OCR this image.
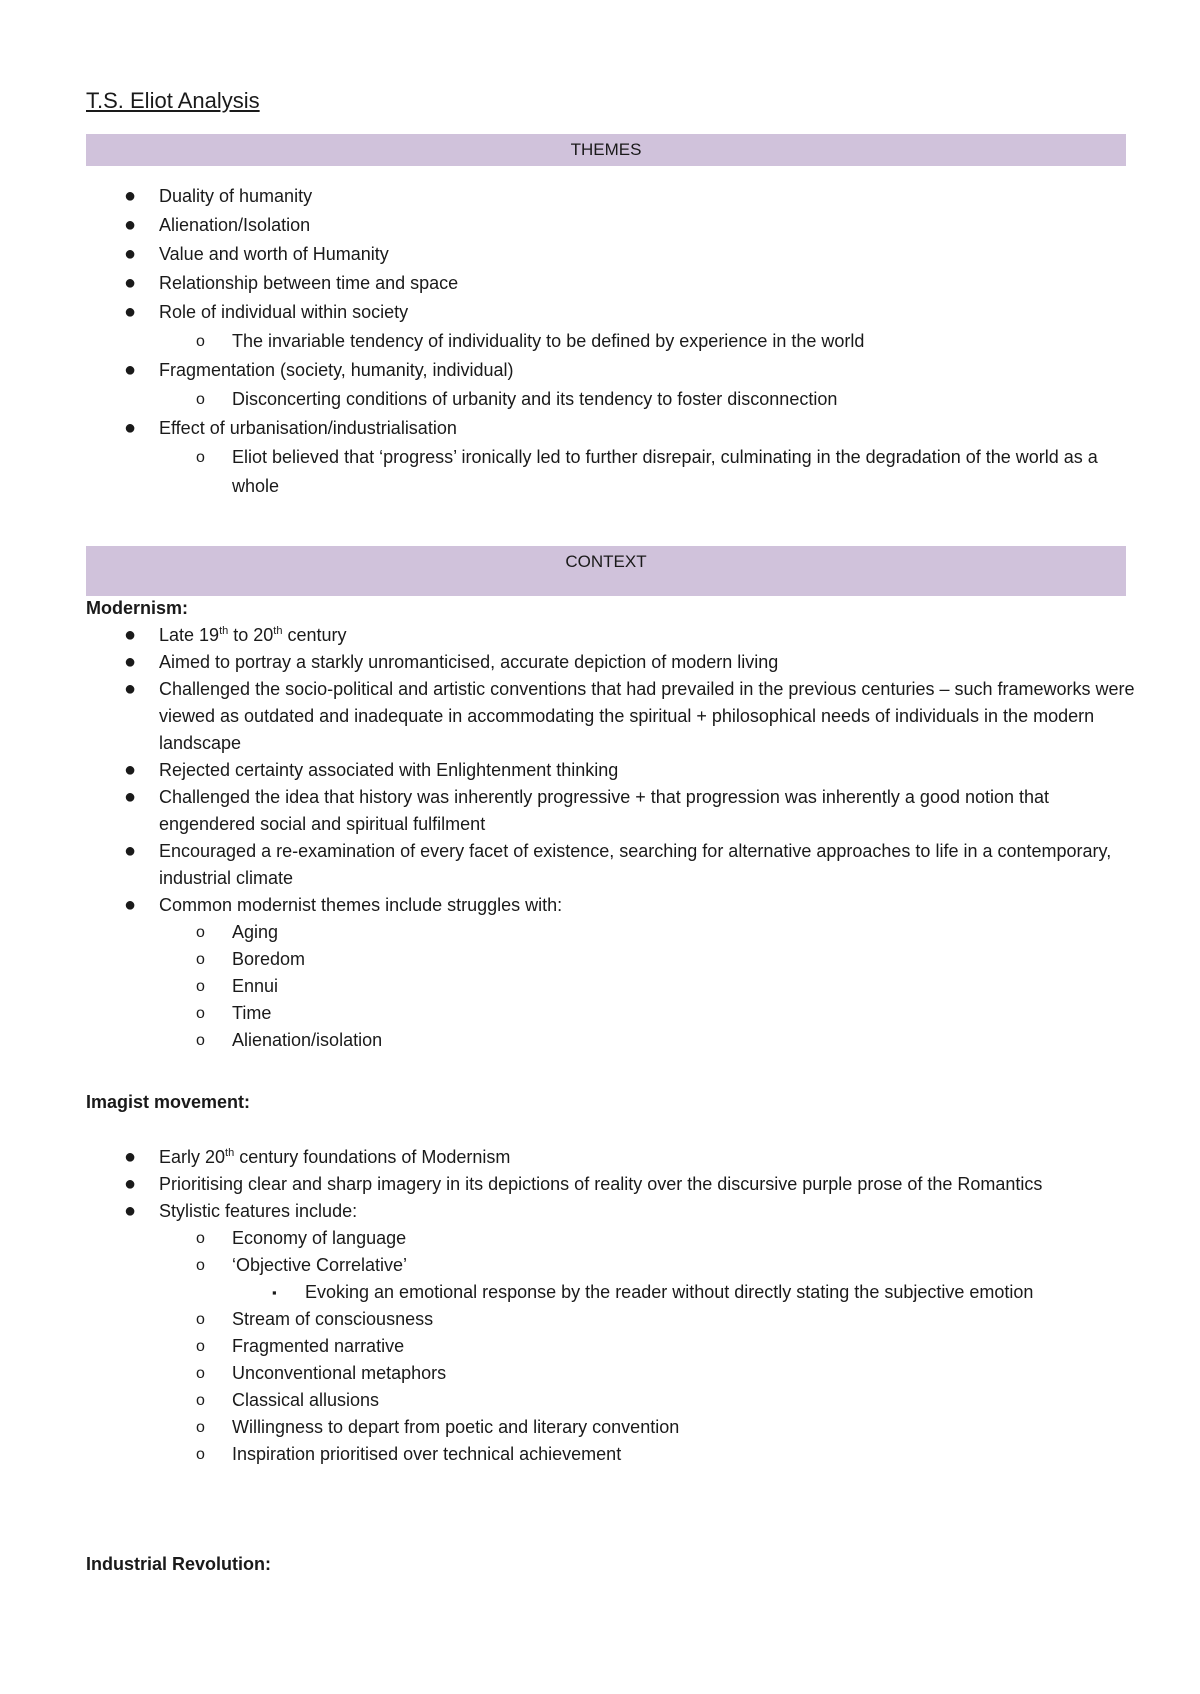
T.S. Eliot Analysis
THEMES
● Duality of humanity
● Alienation/Isolation
● Value and worth of Humanity
● Relationship between time and space
● Role of individual within society
o The invariable tendency of individuality to be defined by experience in the world
● Fragmentation (society, humanity, individual)
o Disconcerting conditions of urbanity and its tendency to foster disconnection
● Effect of urbanisation/industrialisation
o Eliot believed that ‘progress’ ironically led to further disrepair, culminating in the degradation of the world as a whole
CONTEXT
Modernism:
● Late 19th to 20th century
● Aimed to portray a starkly unromanticised, accurate depiction of modern living
● Challenged the socio-political and artistic conventions that had prevailed in the previous centuries – such frameworks were viewed as outdated and inadequate in accommodating the spiritual + philosophical needs of individuals in the modern landscape
● Rejected certainty associated with Enlightenment thinking
● Challenged the idea that history was inherently progressive + that progression was inherently a good notion that engendered social and spiritual fulfilment
● Encouraged a re-examination of every facet of existence, searching for alternative approaches to life in a contemporary, industrial climate
● Common modernist themes include struggles with:
o Aging
o Boredom
o Ennui
o Time
o Alienation/isolation
Imagist movement:
● Early 20th century foundations of Modernism
● Prioritising clear and sharp imagery in its depictions of reality over the discursive purple prose of the Romantics
● Stylistic features include:
o Economy of language
o ‘Objective Correlative’
▪ Evoking an emotional response by the reader without directly stating the subjective emotion
o Stream of consciousness
o Fragmented narrative
o Unconventional metaphors
o Classical allusions
o Willingness to depart from poetic and literary convention
o Inspiration prioritised over technical achievement
Industrial Revolution:
